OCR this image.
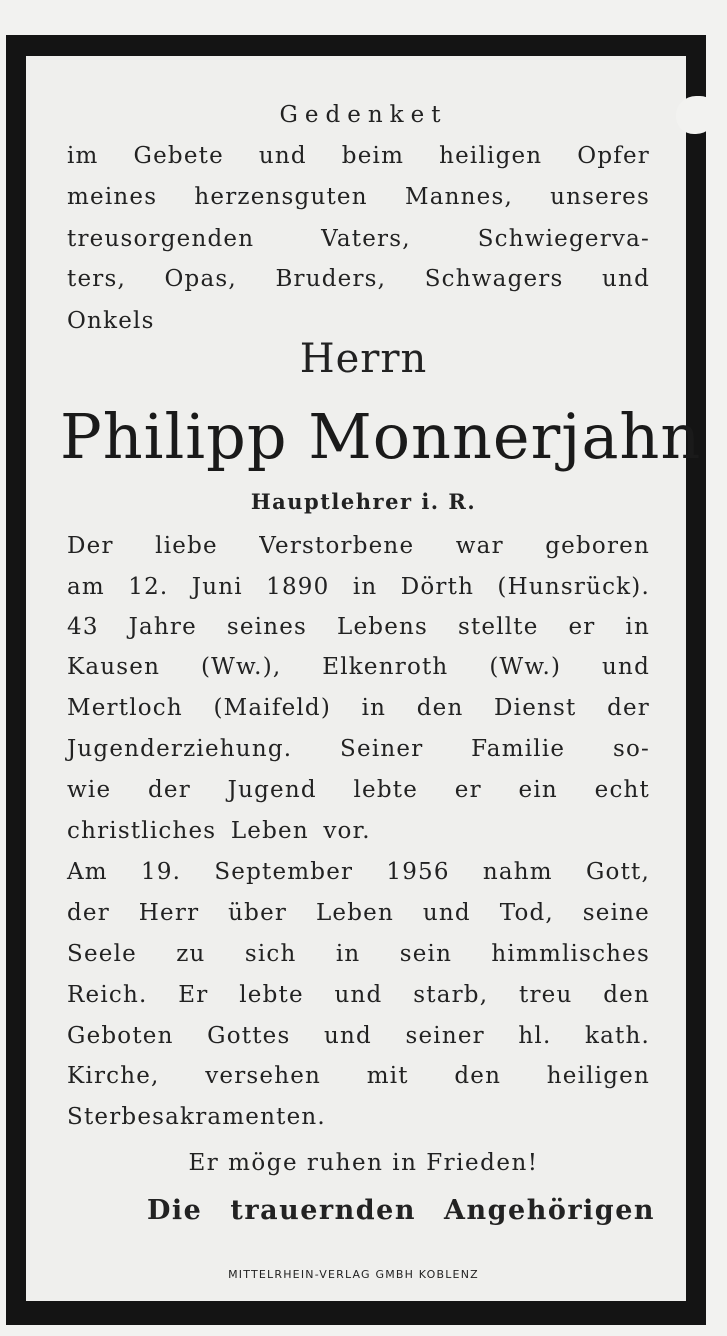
Gedenket

im Gebete und beim heiligen Opfer

meines herzensguten Mannes, unseres

treusorgenden Vaters, Schwiegerva-

ters, Opas, Bruders, Schwagers und

Onkels

Herrn

Philipp Monnerjahn

Hauptlehrer i. R.

Der liebe Verstorbene war geboren

am 12. Juni 1890 in Dörth (Hunsrück).

43 Jahre seines Lebens stellte er in

Kausen (Ww.), Elkenroth (Ww.) und

Mertloch (Maifeld) in den Dienst der

Jugenderziehung. Seiner Familie so-

wie der Jugend lebte er ein echt

christliches Leben vor.

Am 19. September 1956 nahm Gott,

der Herr über Leben und Tod, seine

Seele zu sich in sein himmlisches

Reich. Er lebte und starb, treu den

Geboten Gottes und seiner hl. kath.

Kirche, versehen mit den heiligen

Sterbesakramenten.

Er möge ruhen in Frieden!

Die trauernden Angehörigen

MITTELRHEIN-VERLAG GMBH KOBLENZ
